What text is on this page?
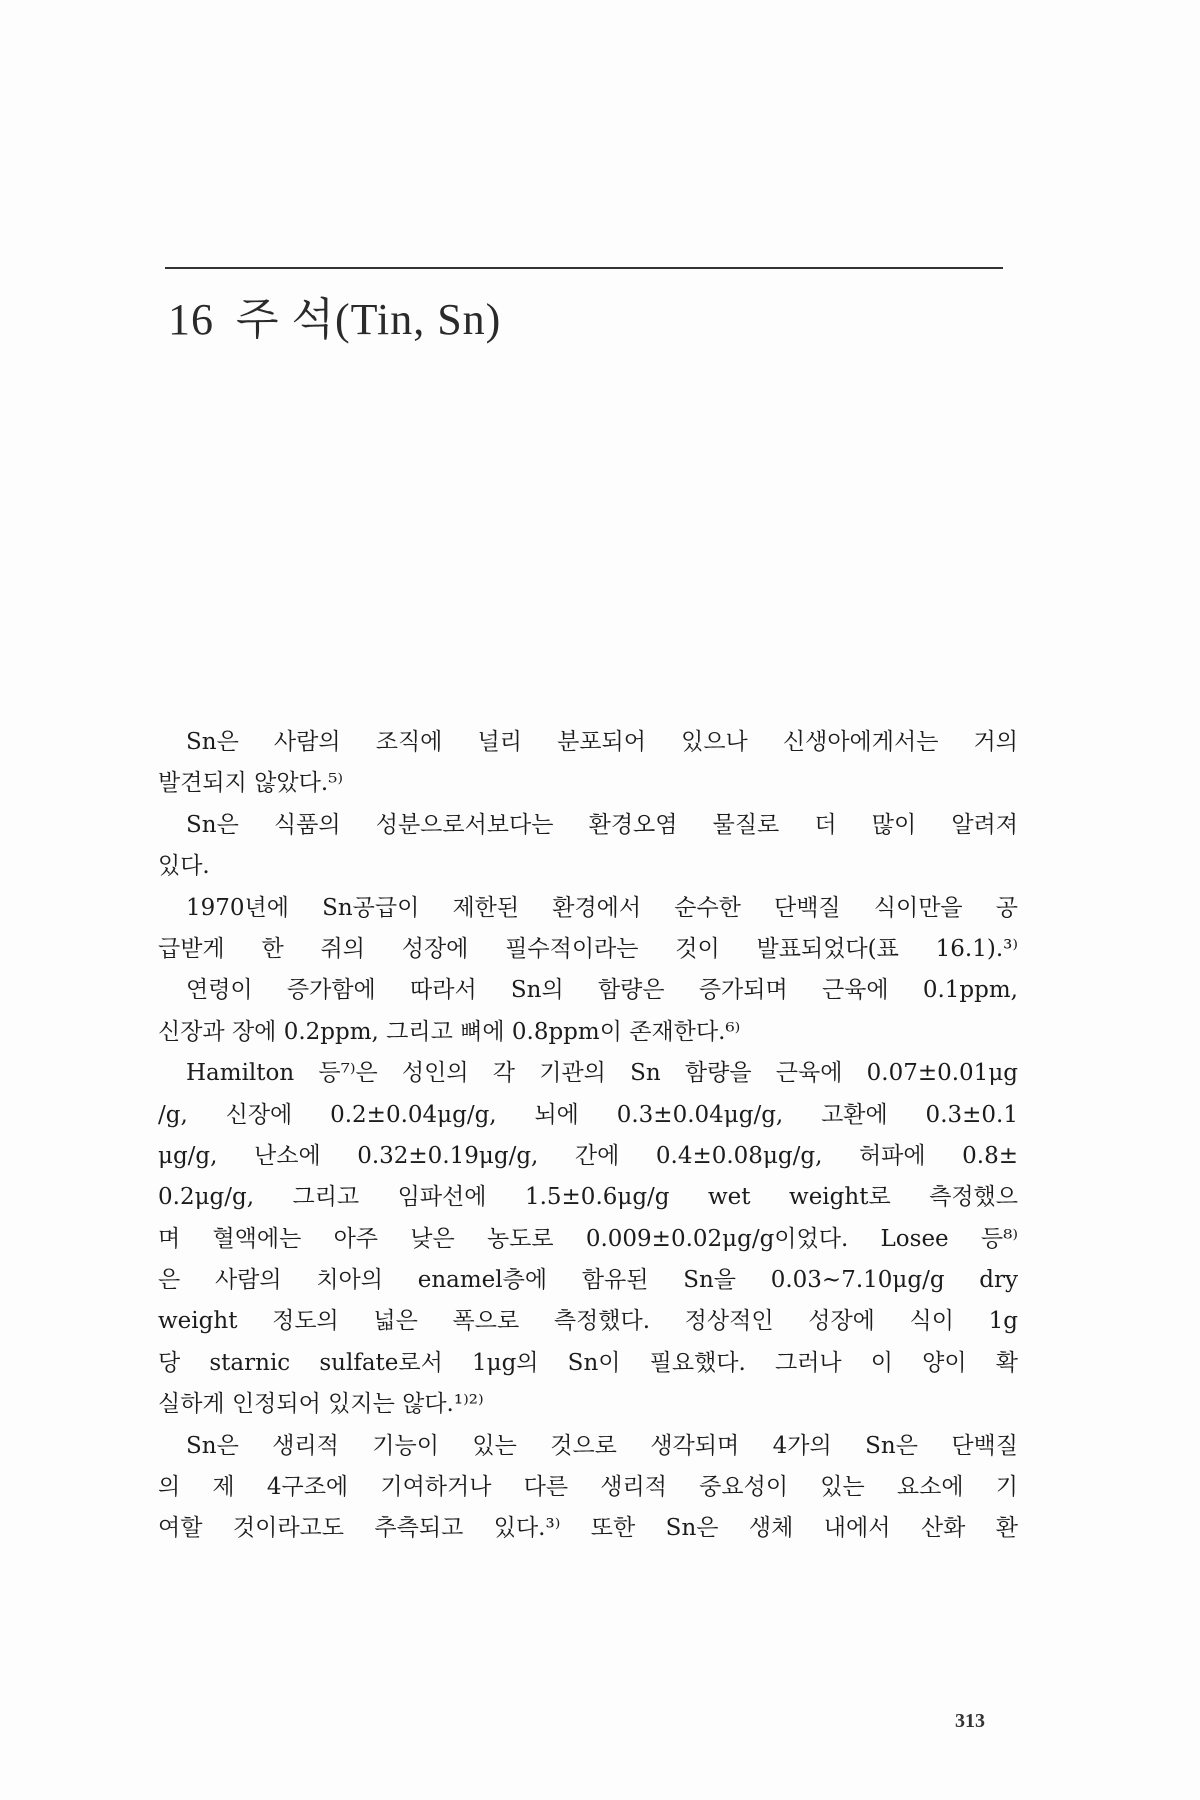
16 주 석(Tin, Sn)
Sn은 사람의 조직에 널리 분포되어 있으나 신생아에게서는 거의
발견되지 않았다.⁵⁾
Sn은 식품의 성분으로서보다는 환경오염 물질로 더 많이 알려져
있다.
1970년에 Sn공급이 제한된 환경에서 순수한 단백질 식이만을 공
급받게 한 쥐의 성장에 필수적이라는 것이 발표되었다(표 16.1).³⁾
연령이 증가함에 따라서 Sn의 함량은 증가되며 근육에 0.1ppm,
신장과 장에 0.2ppm, 그리고 뼈에 0.8ppm이 존재한다.⁶⁾
Hamilton 등⁷⁾은 성인의 각 기관의 Sn 함량을 근육에 0.07±0.01μg
/g, 신장에 0.2±0.04μg/g, 뇌에 0.3±0.04μg/g, 고환에 0.3±0.1
μg/g, 난소에 0.32±0.19μg/g, 간에 0.4±0.08μg/g, 허파에 0.8±
0.2μg/g, 그리고 임파선에 1.5±0.6μg/g wet weight로 측정했으
며 혈액에는 아주 낮은 농도로 0.009±0.02μg/g이었다. Losee 등⁸⁾
은 사람의 치아의 enamel층에 함유된 Sn을 0.03~7.10μg/g dry
weight 정도의 넓은 폭으로 측정했다. 정상적인 성장에 식이 1g
당 starnic sulfate로서 1μg의 Sn이 필요했다. 그러나 이 양이 확
실하게 인정되어 있지는 않다.¹⁾²⁾
Sn은 생리적 기능이 있는 것으로 생각되며 4가의 Sn은 단백질
의 제 4구조에 기여하거나 다른 생리적 중요성이 있는 요소에 기
여할 것이라고도 추측되고 있다.³⁾ 또한 Sn은 생체 내에서 산화 환
313
